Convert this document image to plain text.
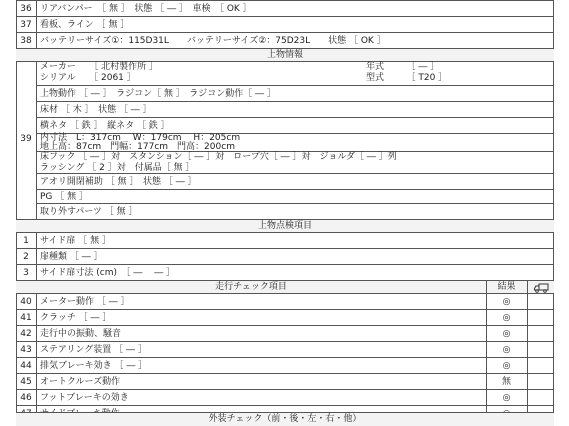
36 リアバンパー　［ 無 ］　状態 ［ ― ］　車検　［ OK ］
37 看板、ライン ［ 無 ］
38 バッテリーサイズ①：115D31L　　バッテリーサイズ②：75D23L　　状態 ［ OK ］
上物情報
39
メーカー　　［ 北村製作所 ］	年式　　　［ ― ］
シリアル　　［ 2061 ］	型式　　　［ T20 ］
上物動作 ［ ― ］　ラジコン［ 無 ］　ラジコン動作［ ― ］
床材 ［ 木 ］　状態 ［ ― ］
横ネタ ［ 鉄 ］　縦ネタ ［ 鉄 ］
内寸法　L：317cm　 W：179cm　 H：205cm
地上高：87cm　門幅：177cm　門高：200cm
床フック ［ ― ］対　スタンション［ ― ］対　ロープ穴［ ― ］対　ジョルダ［ ― ］列
ラッシング ［ 2 ］対　付属品［ 無 ］
アオリ開閉補助 ［ 無 ］　状態 ［ ― ］
PG ［ 無 ］
取り外すパーツ ［ 無 ］
上物点検項目
1	サイド扉 ［ 無 ］
2	扉種類 ［ ― ］
3	サイド扉寸法 (cm)　［ ―　 ― ］
走行チェック項目	結果
40 メーター動作 ［ ― ］	◎
41 クラッチ ［ ― ］	◎
42 走行中の振動、騒音	◎
43 ステアリング装置 ［ ― ］	◎
44 排気ブレーキ効き ［ ― ］	◎
45 オートクルーズ動作	無
46 フットブレーキの効き	◎
外装チェック（前・後・左・右・他）
